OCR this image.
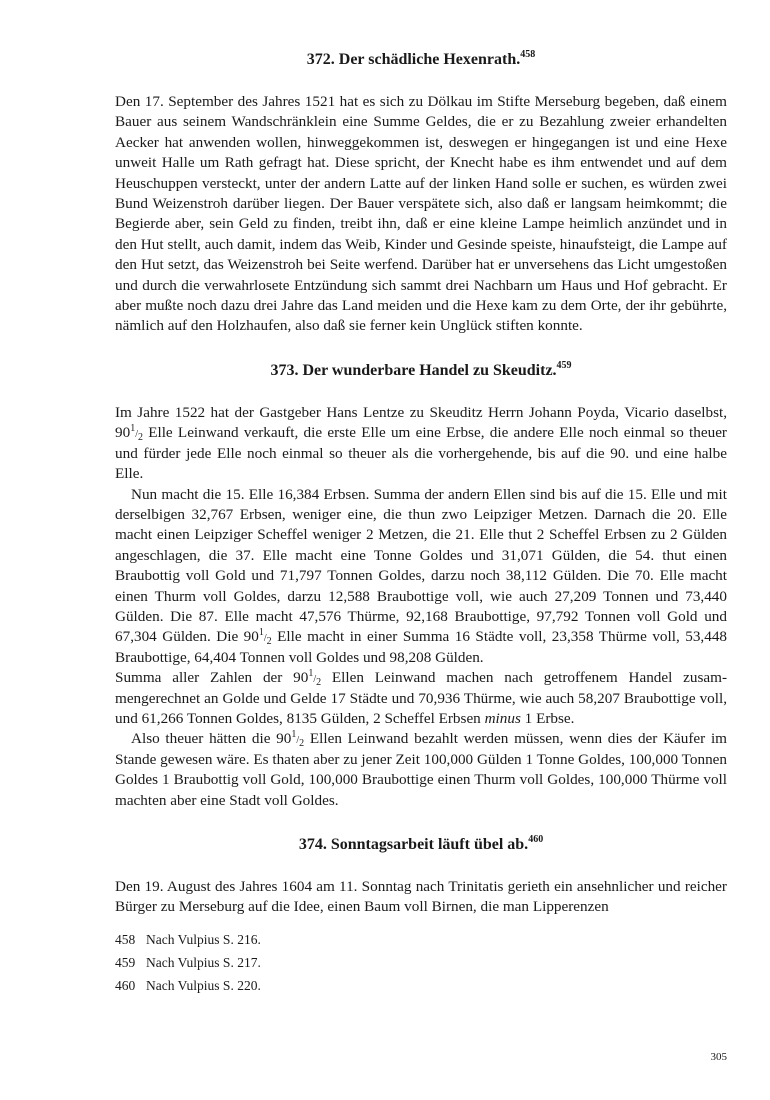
372. Der schädliche Hexenrath.$^{458}$

Den 17. September des Jahres 1521 hat es sich zu Dölkau im Stifte Merseburg begeben, daß einem Bauer aus seinem Wandschränklein eine Summe Geldes, die er zu Bezahlung zweier erhandelten Aecker hat anwenden wollen, hinweggekommen ist, deswegen er hingegangen ist und eine Hexe unweit Halle um Rath gefragt hat. Diese spricht, der Knecht habe es ihm entwendet und auf dem Heuschuppen versteckt, unter der andern Latte auf der linken Hand solle er suchen, es würden zwei Bund Weizenstroh darüber liegen. Der Bauer verspätete sich, also daß er langsam heimkommt; die Begierde aber, sein Geld zu finden, treibt ihn, daß er eine kleine Lampe heimlich anzündet und in den Hut stellt, auch damit, indem das Weib, Kinder und Gesinde speiste, hinaufsteigt, die Lampe auf den Hut setzt, das Weizenstroh bei Seite werfend. Darüber hat er unversehens das Licht umgestoßen und durch die verwahrlosete Entzündung sich sammt drei Nachbarn um Haus und Hof gebracht. Er aber mußte noch dazu drei Jahre das Land meiden und die Hexe kam zu dem Orte, der ihr gebührte, nämlich auf den Holzhaufen, also daß sie ferner kein Unglück stiften konnte.

373. Der wunderbare Handel zu Skeuditz.$^{459}$

Im Jahre 1522 hat der Gastgeber Hans Lentze zu Skeuditz Herrn Johann Poyda, Vicario daselbst, 901/2 Elle Leinwand verkauft, die erste Elle um eine Erbse, die andere Elle noch einmal so theuer und fürder jede Elle noch einmal so theuer als die vorhergehende, bis auf die 90. und eine halbe Elle.

Nun macht die 15. Elle 16,384 Erbsen. Summa der andern Ellen sind bis auf die 15. Elle und mit derselbigen 32,767 Erbsen, weniger eine, die thun zwo Leipziger Metzen. Darnach die 20. Elle macht einen Leipziger Scheffel weniger 2 Metzen, die 21. Elle thut 2 Scheffel Erbsen zu 2 Gülden angeschlagen, die 37. Elle macht eine Tonne Goldes und 31,071 Gülden, die 54. thut einen Braubottig voll Gold und 71,797 Tonnen Goldes, darzu noch 38,112 Gülden. Die 70. Elle macht einen Thurm voll Goldes, darzu 12,588 Braubottige voll, wie auch 27,209 Tonnen und 73,440 Gülden. Die 87. Elle macht 47,576 Thürme, 92,168 Braubottige, 97,792 Tonnen voll Gold und 67,304 Gülden. Die 901/2 Elle macht in einer Summa 16 Städte voll, 23,358 Thürme voll, 53,448 Braubottige, 64,404 Tonnen voll Goldes und 98,208 Gülden.

Summa aller Zahlen der 901/2 Ellen Leinwand machen nach getroffenem Handel zusammengerechnet an Golde und Gelde 17 Städte und 70,936 Thürme, wie auch 58,207 Braubottige voll, und 61,266 Tonnen Goldes, 8135 Gülden, 2 Scheffel Erbsen minus 1 Erbse.

Also theuer hätten die 901/2 Ellen Leinwand bezahlt werden müssen, wenn dies der Käufer im Stande gewesen wäre. Es thaten aber zu jener Zeit 100,000 Gülden 1 Tonne Goldes, 100,000 Tonnen Goldes 1 Braubottig voll Gold, 100,000 Braubottige einen Thurm voll Goldes, 100,000 Thürme voll machten aber eine Stadt voll Goldes.

374. Sonntagsarbeit läuft übel ab.$^{460}$

Den 19. August des Jahres 1604 am 11. Sonntag nach Trinitatis gerieth ein ansehnlicher und reicher Bürger zu Merseburg auf die Idee, einen Baum voll Birnen, die man Lipperenzen

458 Nach Vulpius S. 216.
459 Nach Vulpius S. 217.
460 Nach Vulpius S. 220.
305
